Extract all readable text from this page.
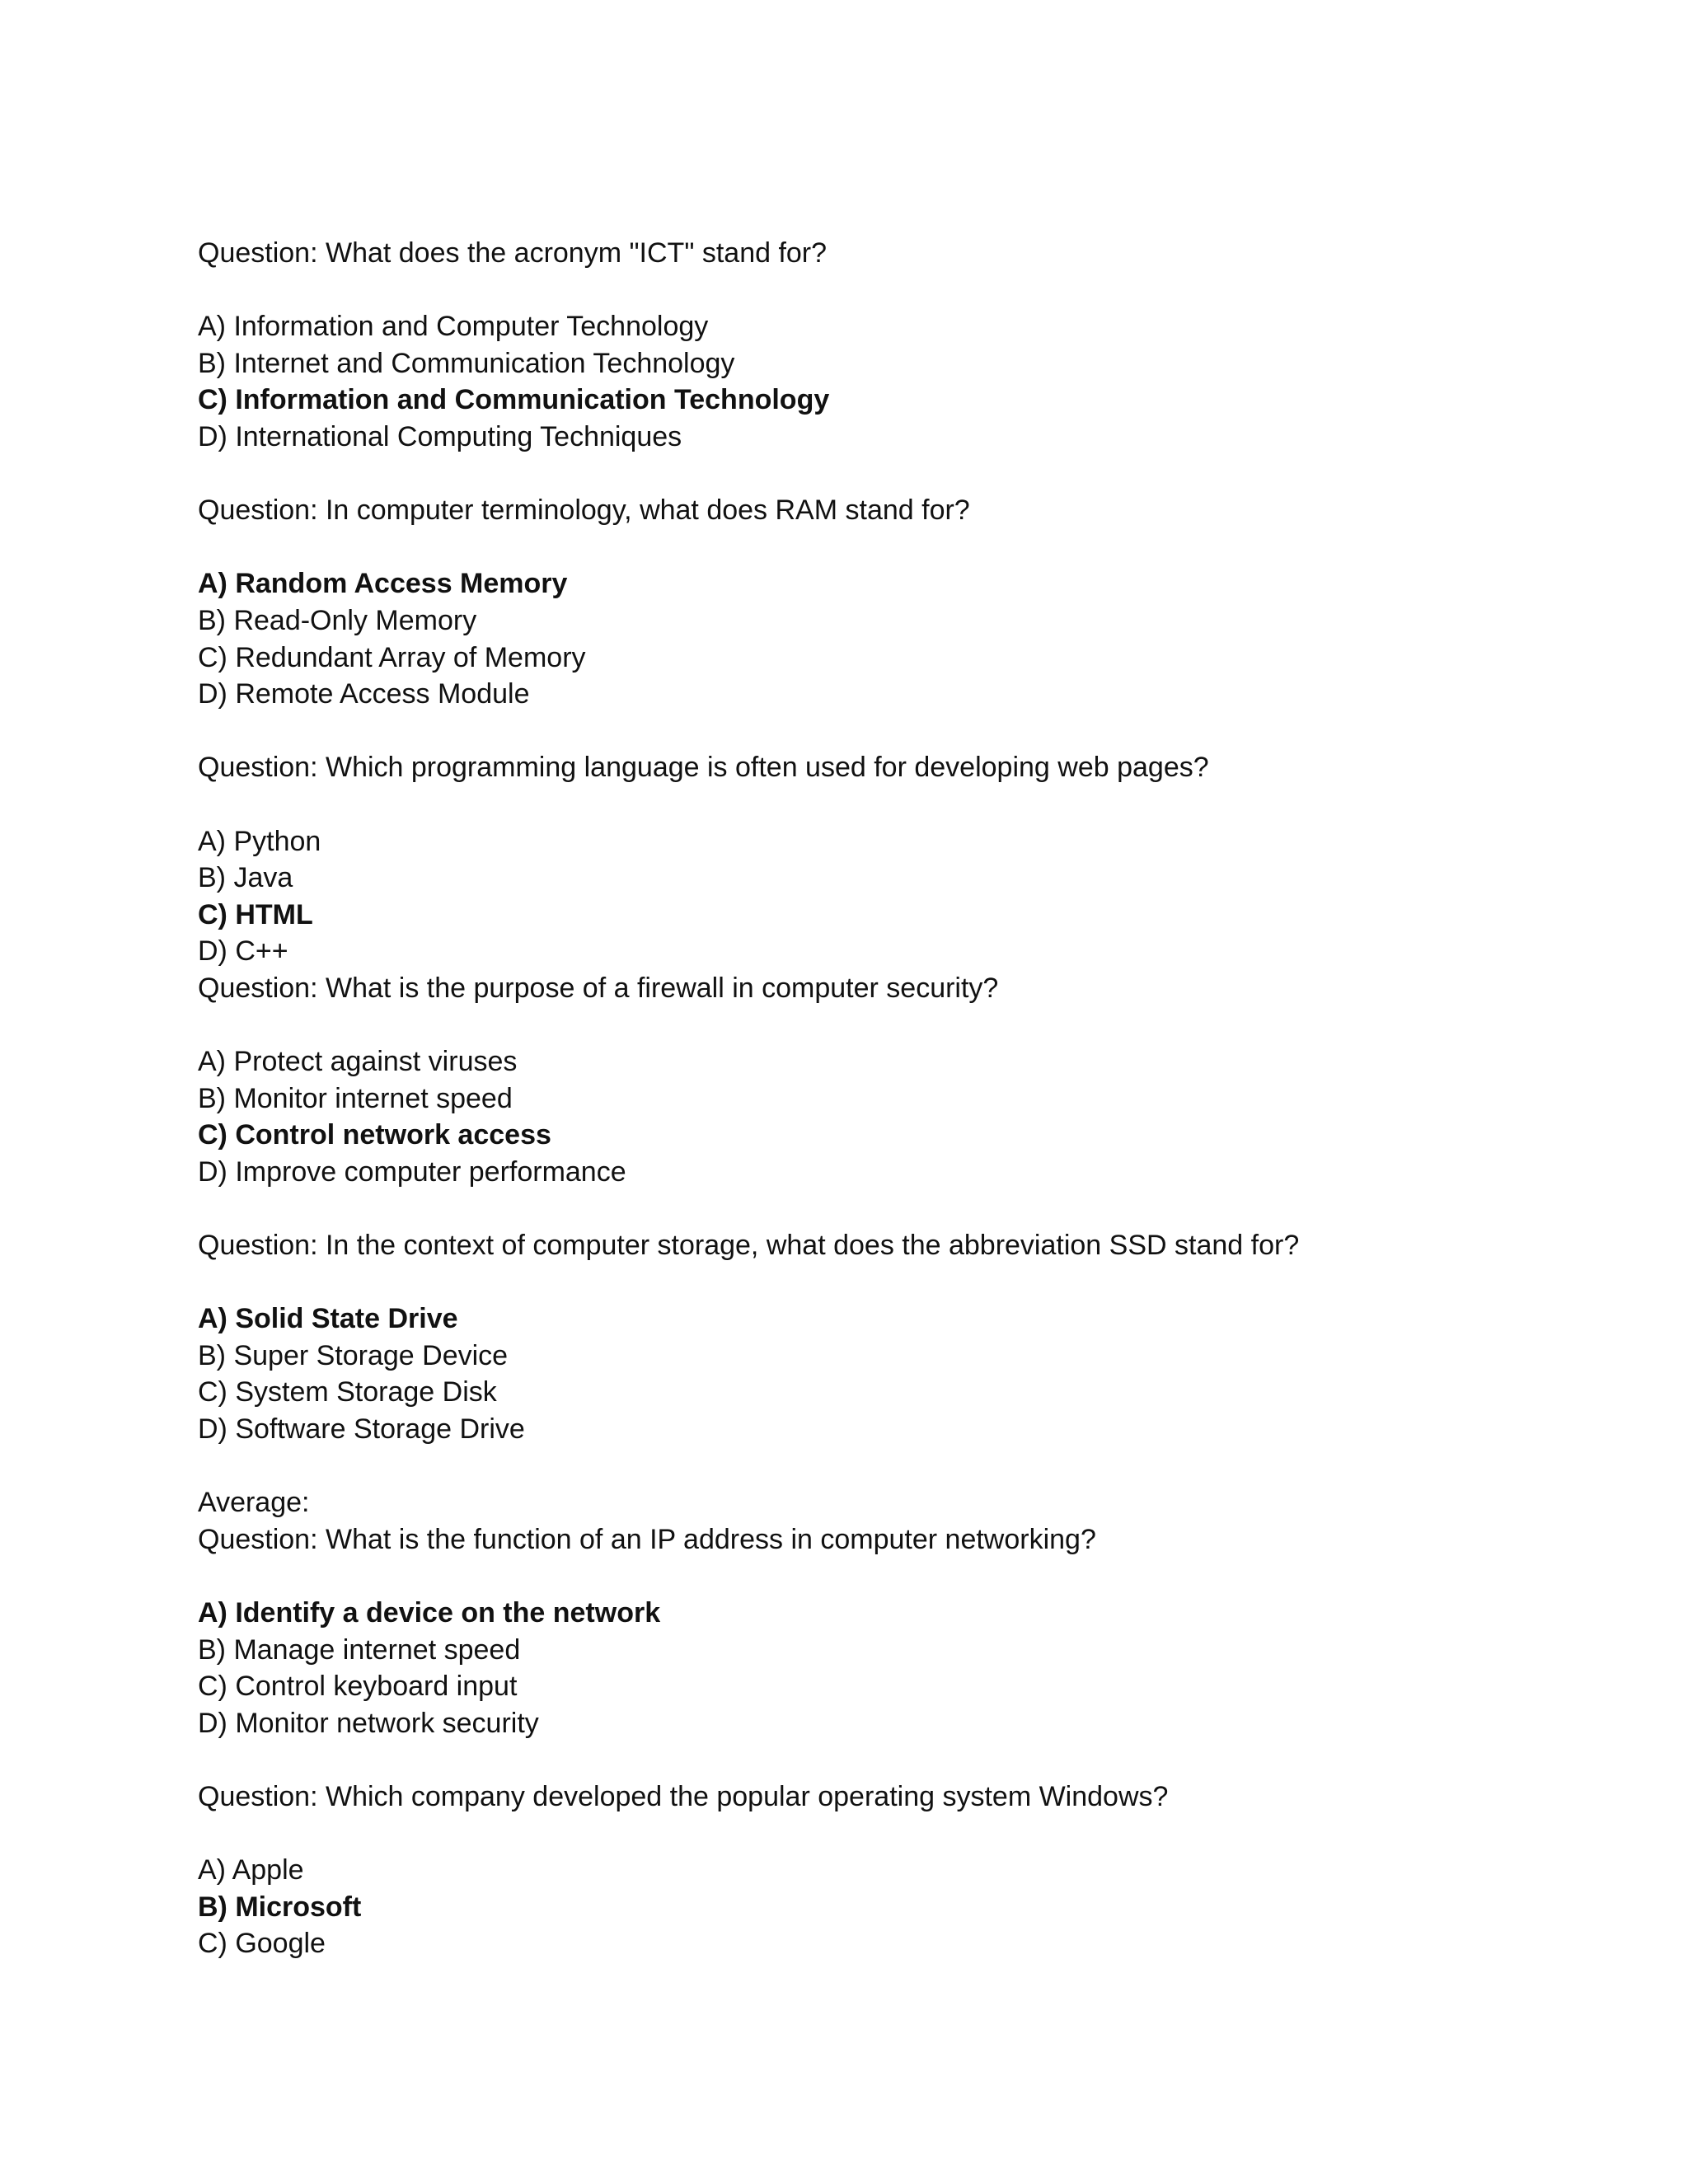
Question: What does the acronym "ICT" stand for?
A) Information and Computer Technology
B) Internet and Communication Technology
C) Information and Communication Technology
D) International Computing Techniques
Question: In computer terminology, what does RAM stand for?
A) Random Access Memory
B) Read-Only Memory
C) Redundant Array of Memory
D) Remote Access Module
Question: Which programming language is often used for developing web pages?
A) Python
B) Java
C) HTML
D) C++
Question: What is the purpose of a firewall in computer security?
A) Protect against viruses
B) Monitor internet speed
C) Control network access
D) Improve computer performance
Question: In the context of computer storage, what does the abbreviation SSD stand for?
A) Solid State Drive
B) Super Storage Device
C) System Storage Disk
D) Software Storage Drive
Average:
Question: What is the function of an IP address in computer networking?
A) Identify a device on the network
B) Manage internet speed
C) Control keyboard input
D) Monitor network security
Question: Which company developed the popular operating system Windows?
A) Apple
B) Microsoft
C) Google
